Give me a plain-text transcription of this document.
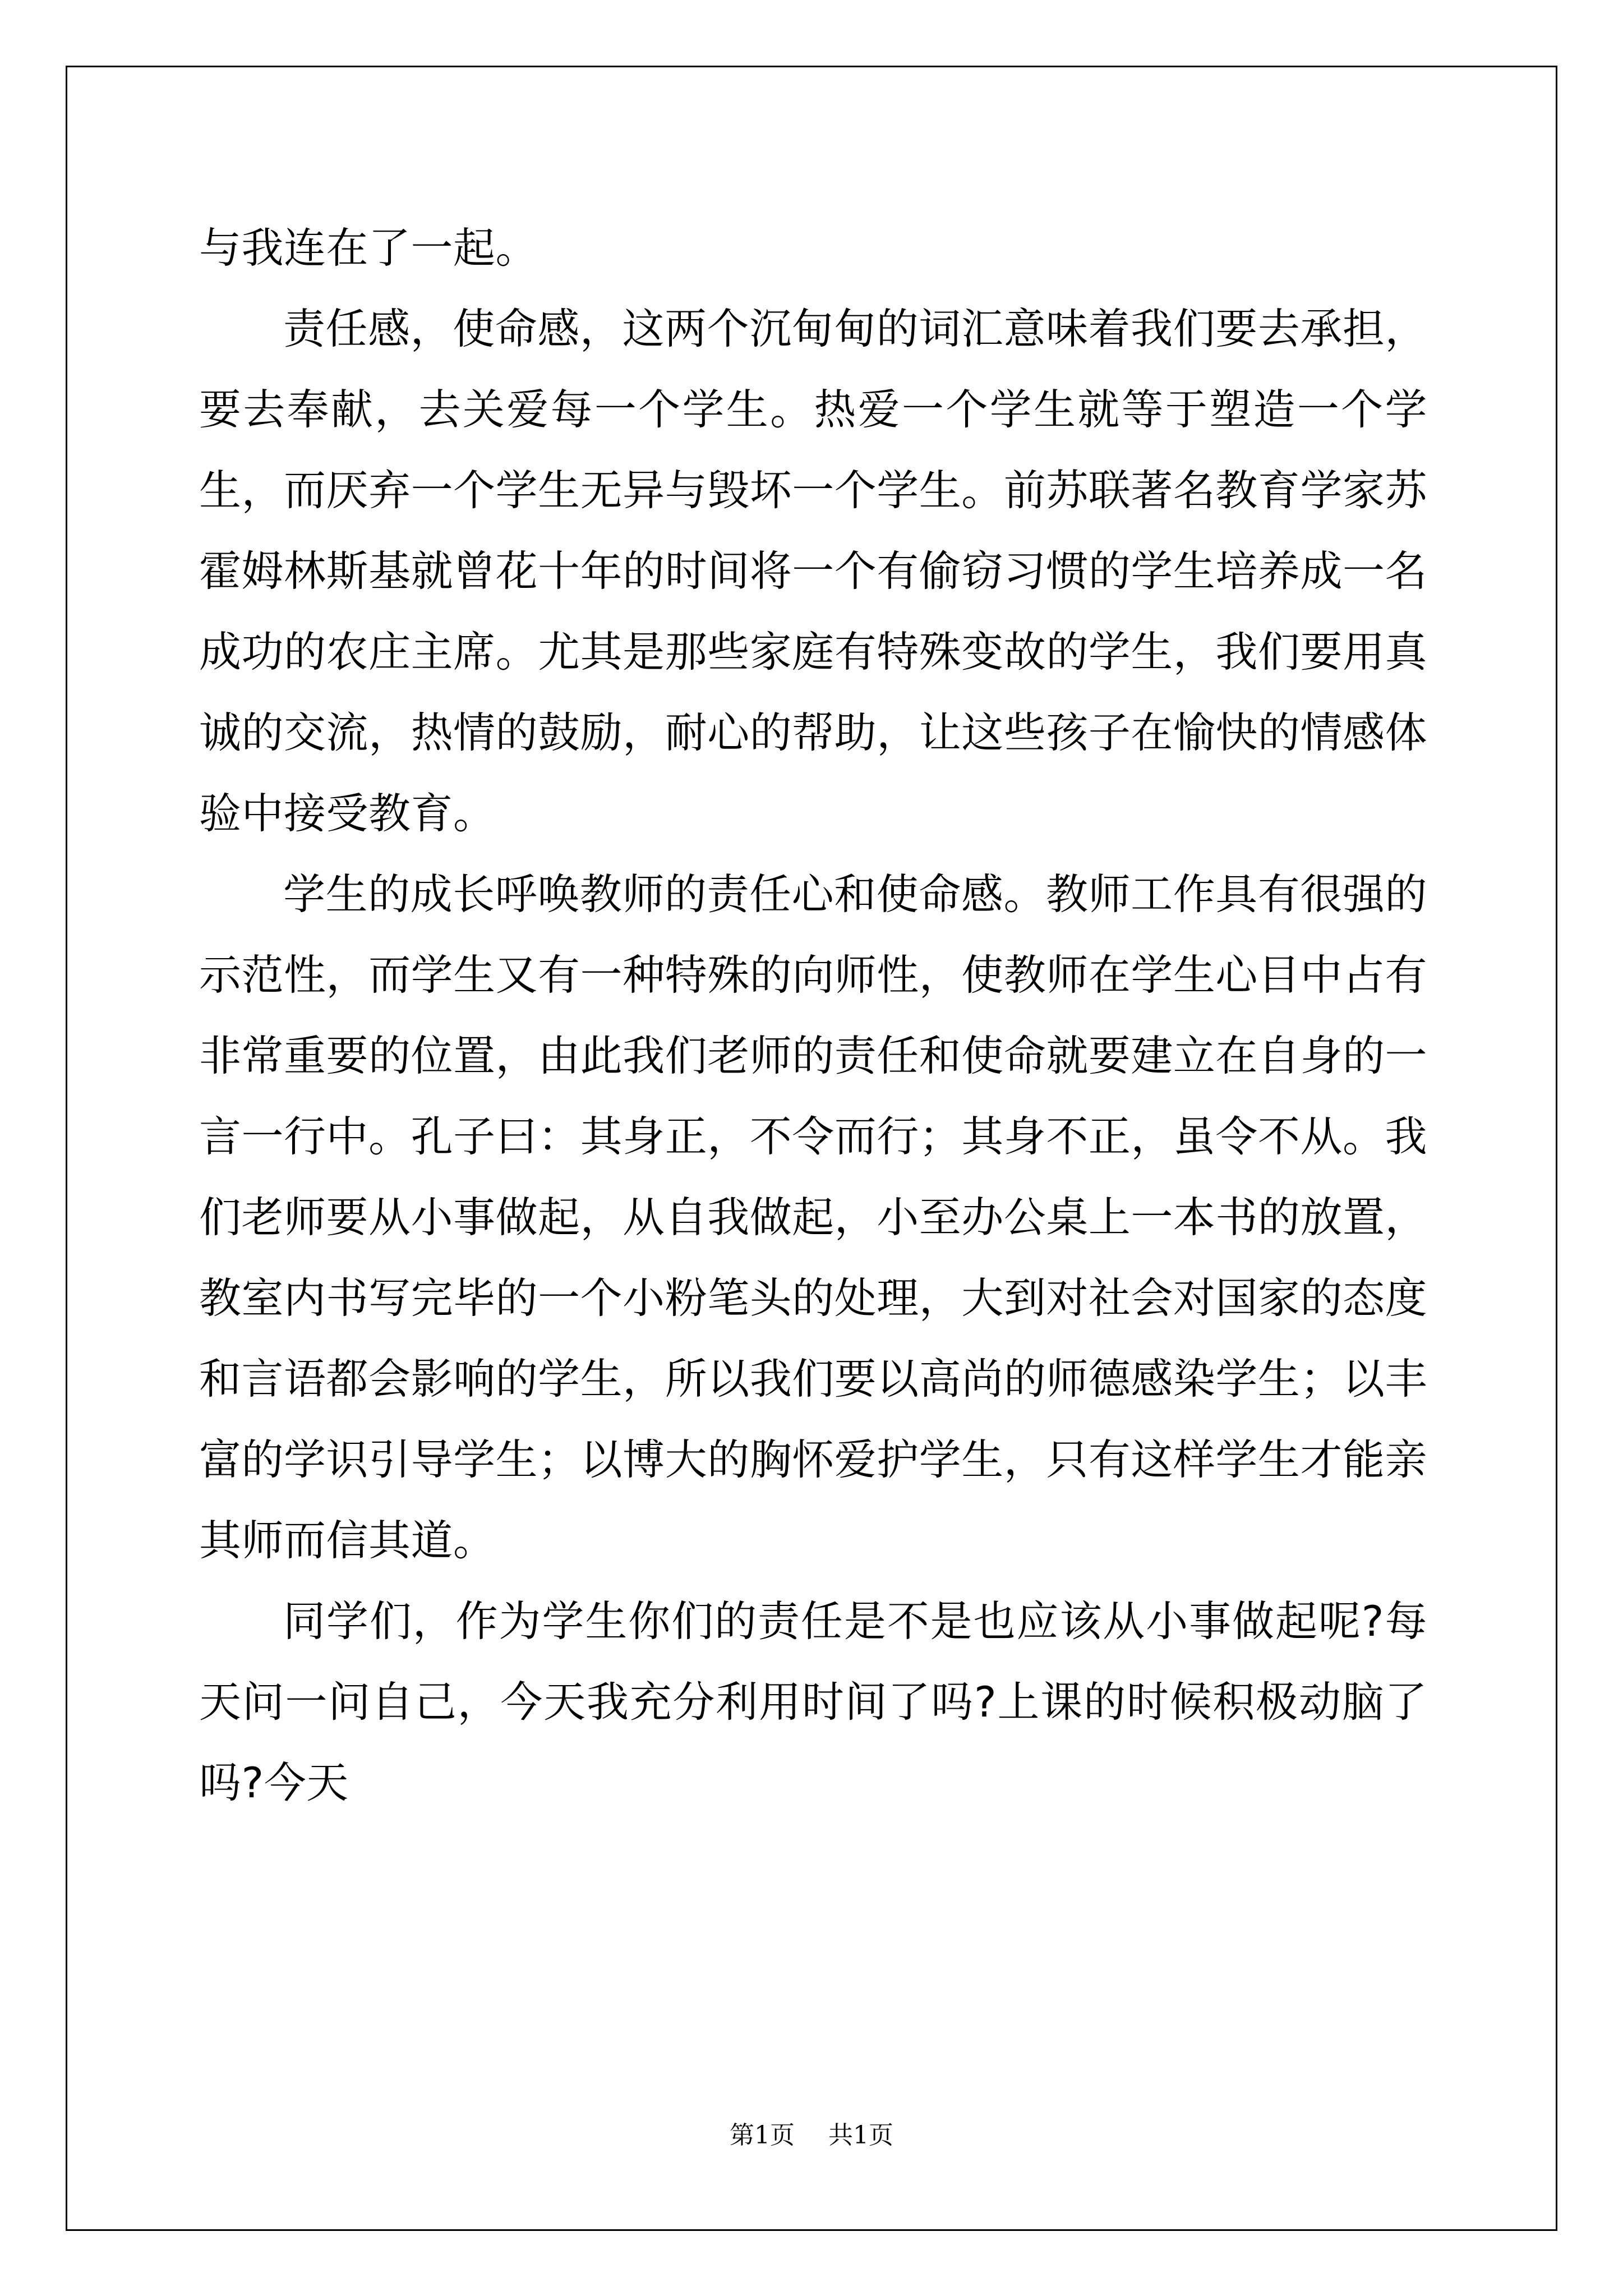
与我连在了一起。

责任感，使命感，这两个沉甸甸的词汇意味着我们要去承担，要去奉献，去关爱每一个学生。热爱一个学生就等于塑造一个学生，而厌弃一个学生无异与毁坏一个学生。前苏联著名教育学家苏霍姆林斯基就曾花十年的时间将一个有偷窃习惯的学生培养成一名成功的农庄主席。尤其是那些家庭有特殊变故的学生，我们要用真诚的交流，热情的鼓励，耐心的帮助，让这些孩子在愉快的情感体验中接受教育。

学生的成长呼唤教师的责任心和使命感。教师工作具有很强的示范性，而学生又有一种特殊的向师性，使教师在学生心目中占有非常重要的位置，由此我们老师的责任和使命就要建立在自身的一言一行中。孔子曰：其身正，不令而行；其身不正，虽令不从。我们老师要从小事做起，从自我做起，小至办公桌上一本书的放置，教室内书写完毕的一个小粉笔头的处理，大到对社会对国家的态度和言语都会影响的学生，所以我们要以高尚的师德感染学生；以丰富的学识引导学生；以博大的胸怀爱护学生，只有这样学生才能亲其师而信其道。

同学们，作为学生你们的责任是不是也应该从小事做起呢?每天问一问自己，今天我充分利用时间了吗?上课的时候积极动脑了吗?今天

第1页 共1页
